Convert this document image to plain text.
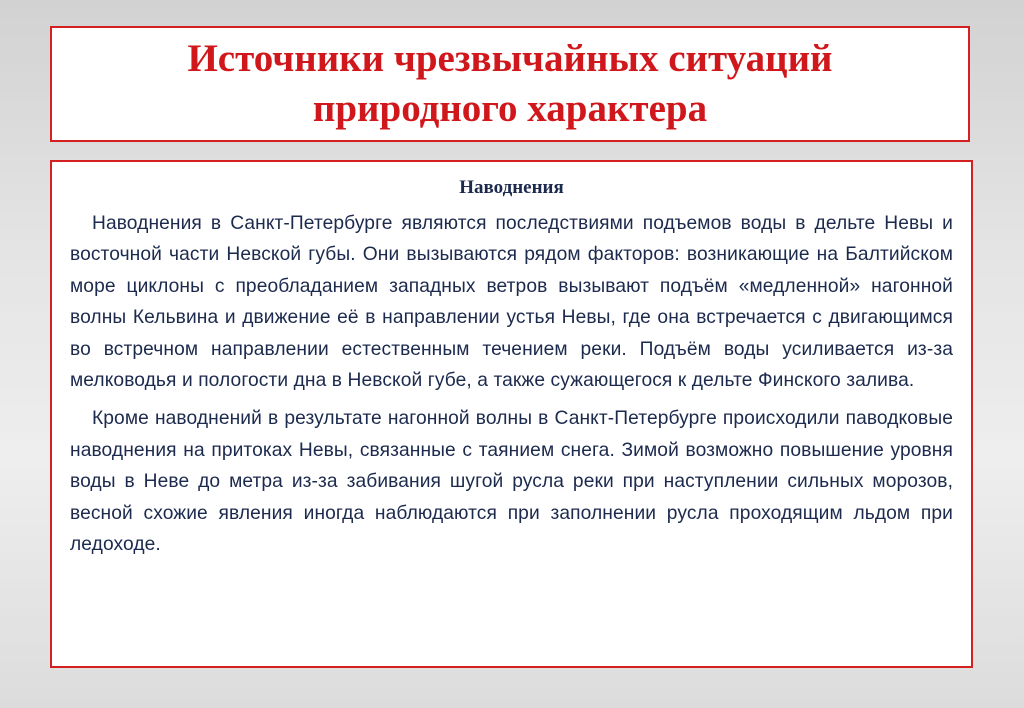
Источники чрезвычайных ситуаций
природного характера
Наводнения

Наводнения в Санкт-Петербурге являются последствиями подъемов воды в дельте Невы и восточной части Невской губы. Они вызываются рядом факторов: возникающие на Балтийском море циклоны с преобладанием западных ветров вызывают подъём «медленной» нагонной волны Кельвина и движение её в направлении устья Невы, где она встречается с двигающимся во встречном направлении естественным течением реки. Подъём воды усиливается из-за мелководья и пологости дна в Невской губе, а также сужающегося к дельте Финского залива.

Кроме наводнений в результате нагонной волны в Санкт-Петербурге происходили паводковые наводнения на притоках Невы, связанные с таянием снега. Зимой возможно повышение уровня воды в Неве до метра из-за забивания шугой русла реки при наступлении сильных морозов, весной схожие явления иногда наблюдаются при заполнении русла проходящим льдом при ледоходе.
